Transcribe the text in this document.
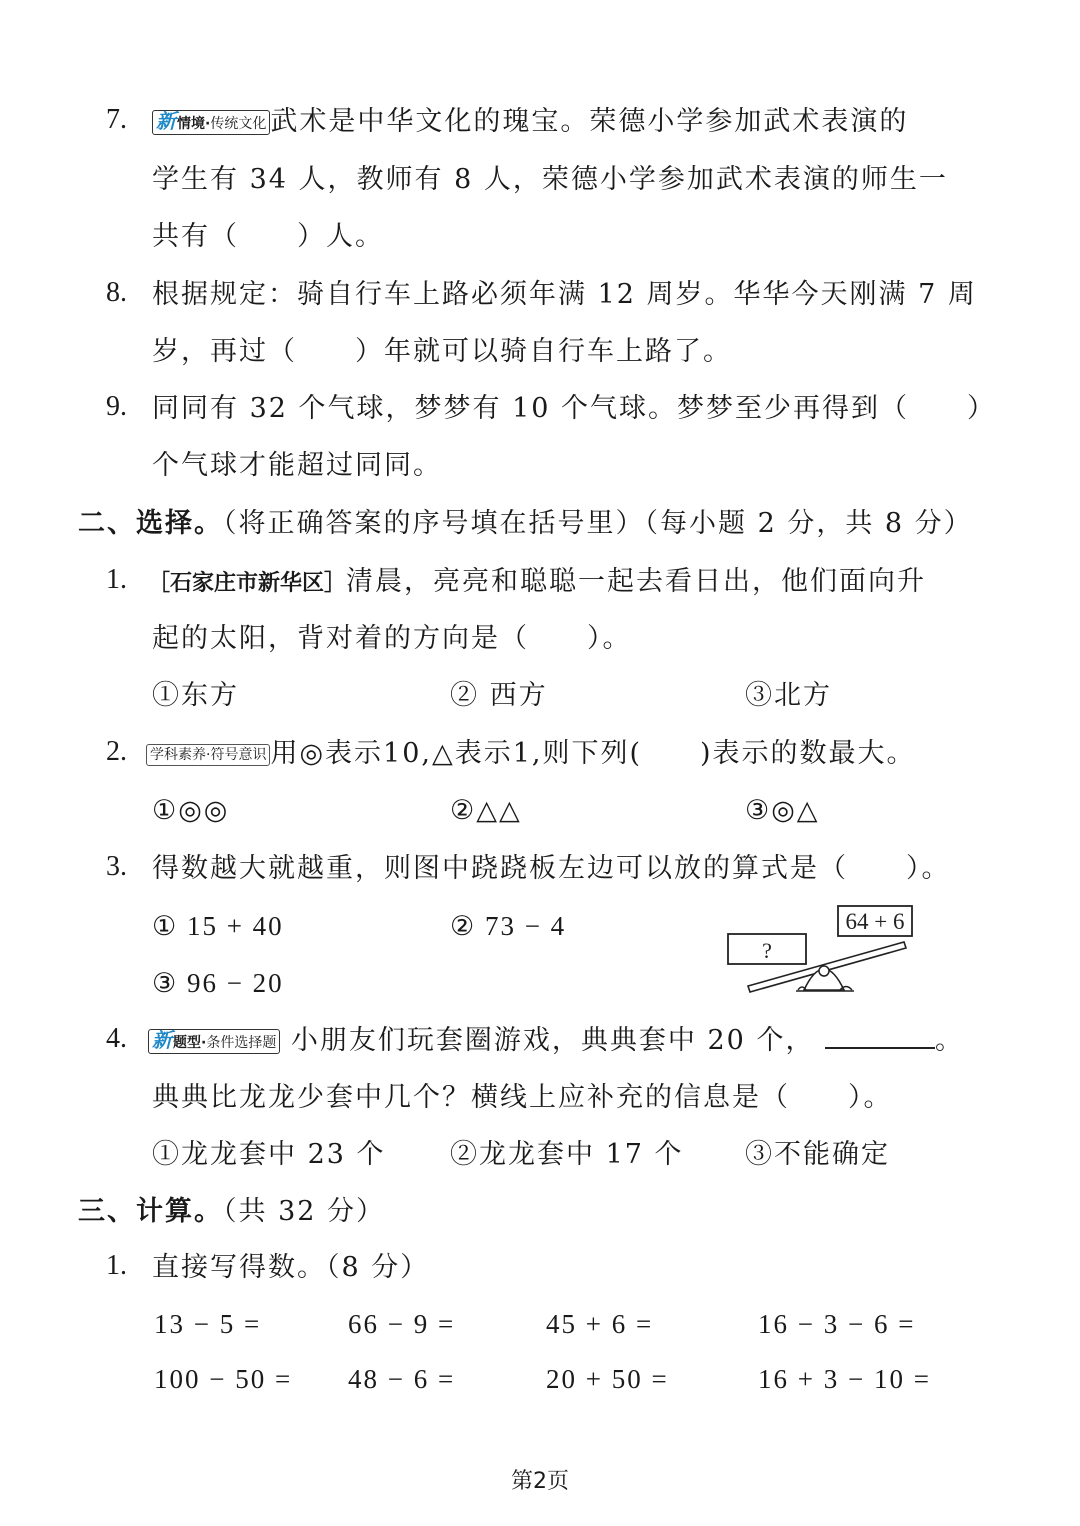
7. 新情境·传统文化 武术是中华文化的瑰宝。荣德小学参加武术表演的
学生有 34 人，教师有 8 人，荣德小学参加武术表演的师生一
共有（　　）人。
8. 根据规定：骑自行车上路必须年满 12 周岁。华华今天刚满 7 周
岁，再过（　　）年就可以骑自行车上路了。
9. 同同有 32 个气球，梦梦有 10 个气球。梦梦至少再得到（　　）
个气球才能超过同同。
二、选择。（将正确答案的序号填在括号里）（每小题 2 分，共 8 分）
1. ［石家庄市新华区］清晨，亮亮和聪聪一起去看日出，他们面向升
起的太阳，背对着的方向是（　　）。
①东方	② 西方	③北方
2. 学科素养·符号意识 用◎表示10,△表示1,则下列(　　)表示的数最大。
①◎◎	②△△	③◎△
3. 得数越大就越重，则图中跷跷板左边可以放的算式是（　　）。
① 15 + 40	② 73 − 4
③ 96 − 20
64 + 6
?
4. 新题型·条件选择题 小朋友们玩套圈游戏，典典套中 20 个，	。
典典比龙龙少套中几个？横线上应补充的信息是（　　）。
①龙龙套中 23 个 ②龙龙套中 17 个 ③不能确定
三、计算。（共 32 分）
1. 直接写得数。（8 分）
13 − 5 =	66 − 9 =	45 + 6 =	16 − 3 − 6 =
100 − 50 = 48 − 6 =	20 + 50 =	16 + 3 − 10 =
第2页
